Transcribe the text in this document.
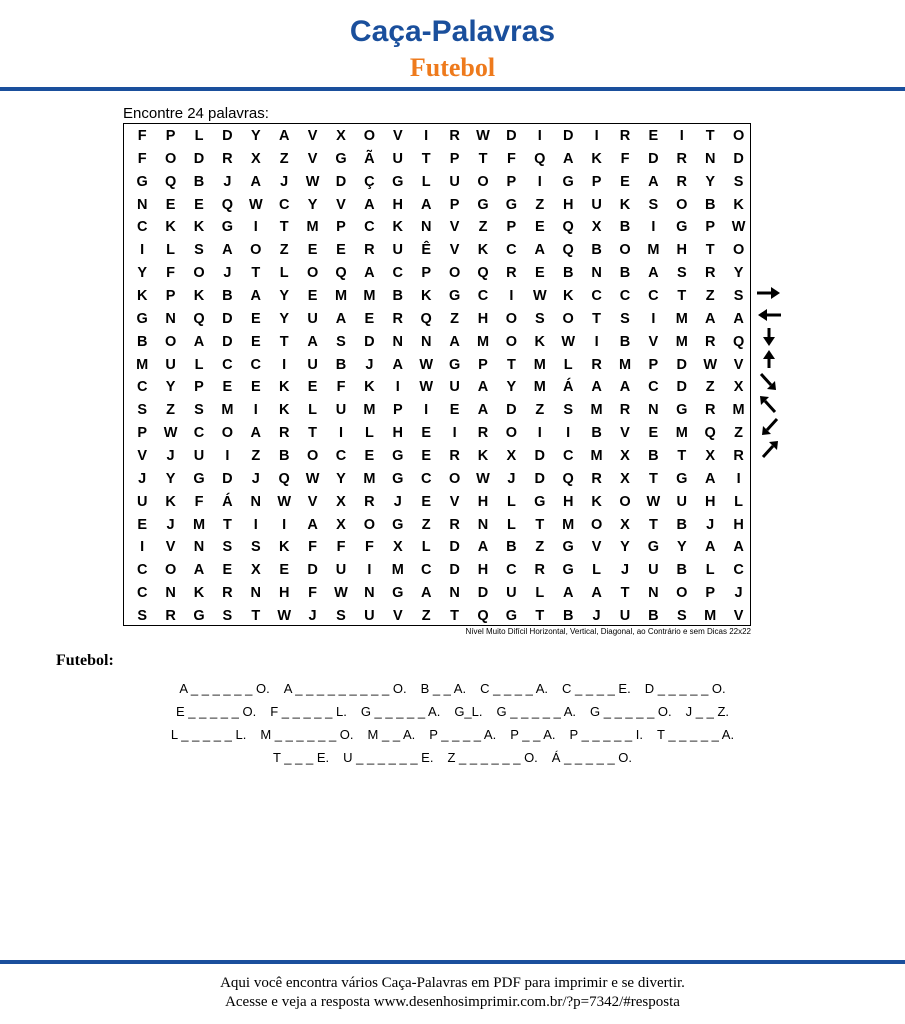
Caça-Palavras
Futebol
Encontre 24 palavras:
F	P	L	D	Y	A	V	X	O	V	I	R	W	D	I	D	I	R	E	I	T	O
F	O	D	R	X	Z	V	G	Ã	U	T	P	T	F	Q	A	K	F	D	R	N	D
G	Q	B	J	A	J	W	D	Ç	G	L	U	O	P	I	G	P	E	A	R	Y	S
N	E	E	Q	W	C	Y	V	A	H	A	P	G	G	Z	H	U	K	S	O	B	K
C	K	K	G	I	T	M	P	C	K	N	V	Z	P	E	Q	X	B	I	G	P	W
I	L	S	A	O	Z	E	E	R	U	Ê	V	K	C	A	Q	B	O	M	H	T	O
Y	F	O	J	T	L	O	Q	A	C	P	O	Q	R	E	B	N	B	A	S	R	Y
K	P	K	B	A	Y	E	M	M	B	K	G	C	I	W	K	C	C	C	T	Z	S
G	N	Q	D	E	Y	U	A	E	R	Q	Z	H	O	S	O	T	S	I	M	A	A
B	O	A	D	E	T	A	S	D	N	N	A	M	O	K	W	I	B	V	M	R	Q
M	U	L	C	C	I	U	B	J	A	W	G	P	T	M	L	R	M	P	D	W	V
C	Y	P	E	E	K	E	F	K	I	W	U	A	Y	M	Á	A	A	C	D	Z	X
S	Z	S	M	I	K	L	U	M	P	I	E	A	D	Z	S	M	R	N	G	R	M
P	W	C	O	A	R	T	I	L	H	E	I	R	O	I	I	B	V	E	M	Q	Z
V	J	U	I	Z	B	O	C	E	G	E	R	K	X	D	C	M	X	B	T	X	R
J	Y	G	D	J	Q	W	Y	M	G	C	O	W	J	D	Q	R	X	T	G	A	I
U	K	F	Á	N	W	V	X	R	J	E	V	H	L	G	H	K	O	W	U	H	L
E	J	M	T	I	I	A	X	O	G	Z	R	N	L	T	M	O	X	T	B	J	H
I	V	N	S	S	K	F	F	F	X	L	D	A	B	Z	G	V	Y	G	Y	A	A
C	O	A	E	X	E	D	U	I	M	C	D	H	C	R	G	L	J	U	B	L	C
C	N	K	R	N	H	F	W	N	G	A	N	D	U	L	A	A	T	N	O	P	J
S	R	G	S	T	W	J	S	U	V	Z	T	Q	G	T	B	J	U	B	S	M	V
Nível Muito Difícil Horizontal, Vertical, Diagonal, ao Contrário e sem Dicas 22x22
Futebol:
A _ _ _ _ _ _ O. A _ _ _ _ _ _ _ _ _ O. B _ _ A. C _ _ _ _ A. C _ _ _ _ E. D _ _ _ _ _ O.
E _ _ _ _ _ O. F _ _ _ _ _ L. G _ _ _ _ _ A. G_L. G _ _ _ _ _ A. G _ _ _ _ _ O. J _ _ Z.
L _ _ _ _ _ L. M _ _ _ _ _ _ O. M _ _ A. P _ _ _ _ A. P _ _ A. P _ _ _ _ _ I. T _ _ _ _ _ A.
T _ _ _ E. U _ _ _ _ _ _ E. Z _ _ _ _ _ _ O. Á _ _ _ _ _ O.
Aqui você encontra vários Caça-Palavras em PDF para imprimir e se divertir.
Acesse e veja a resposta www.desenhosimprimir.com.br/?p=7342/#resposta
